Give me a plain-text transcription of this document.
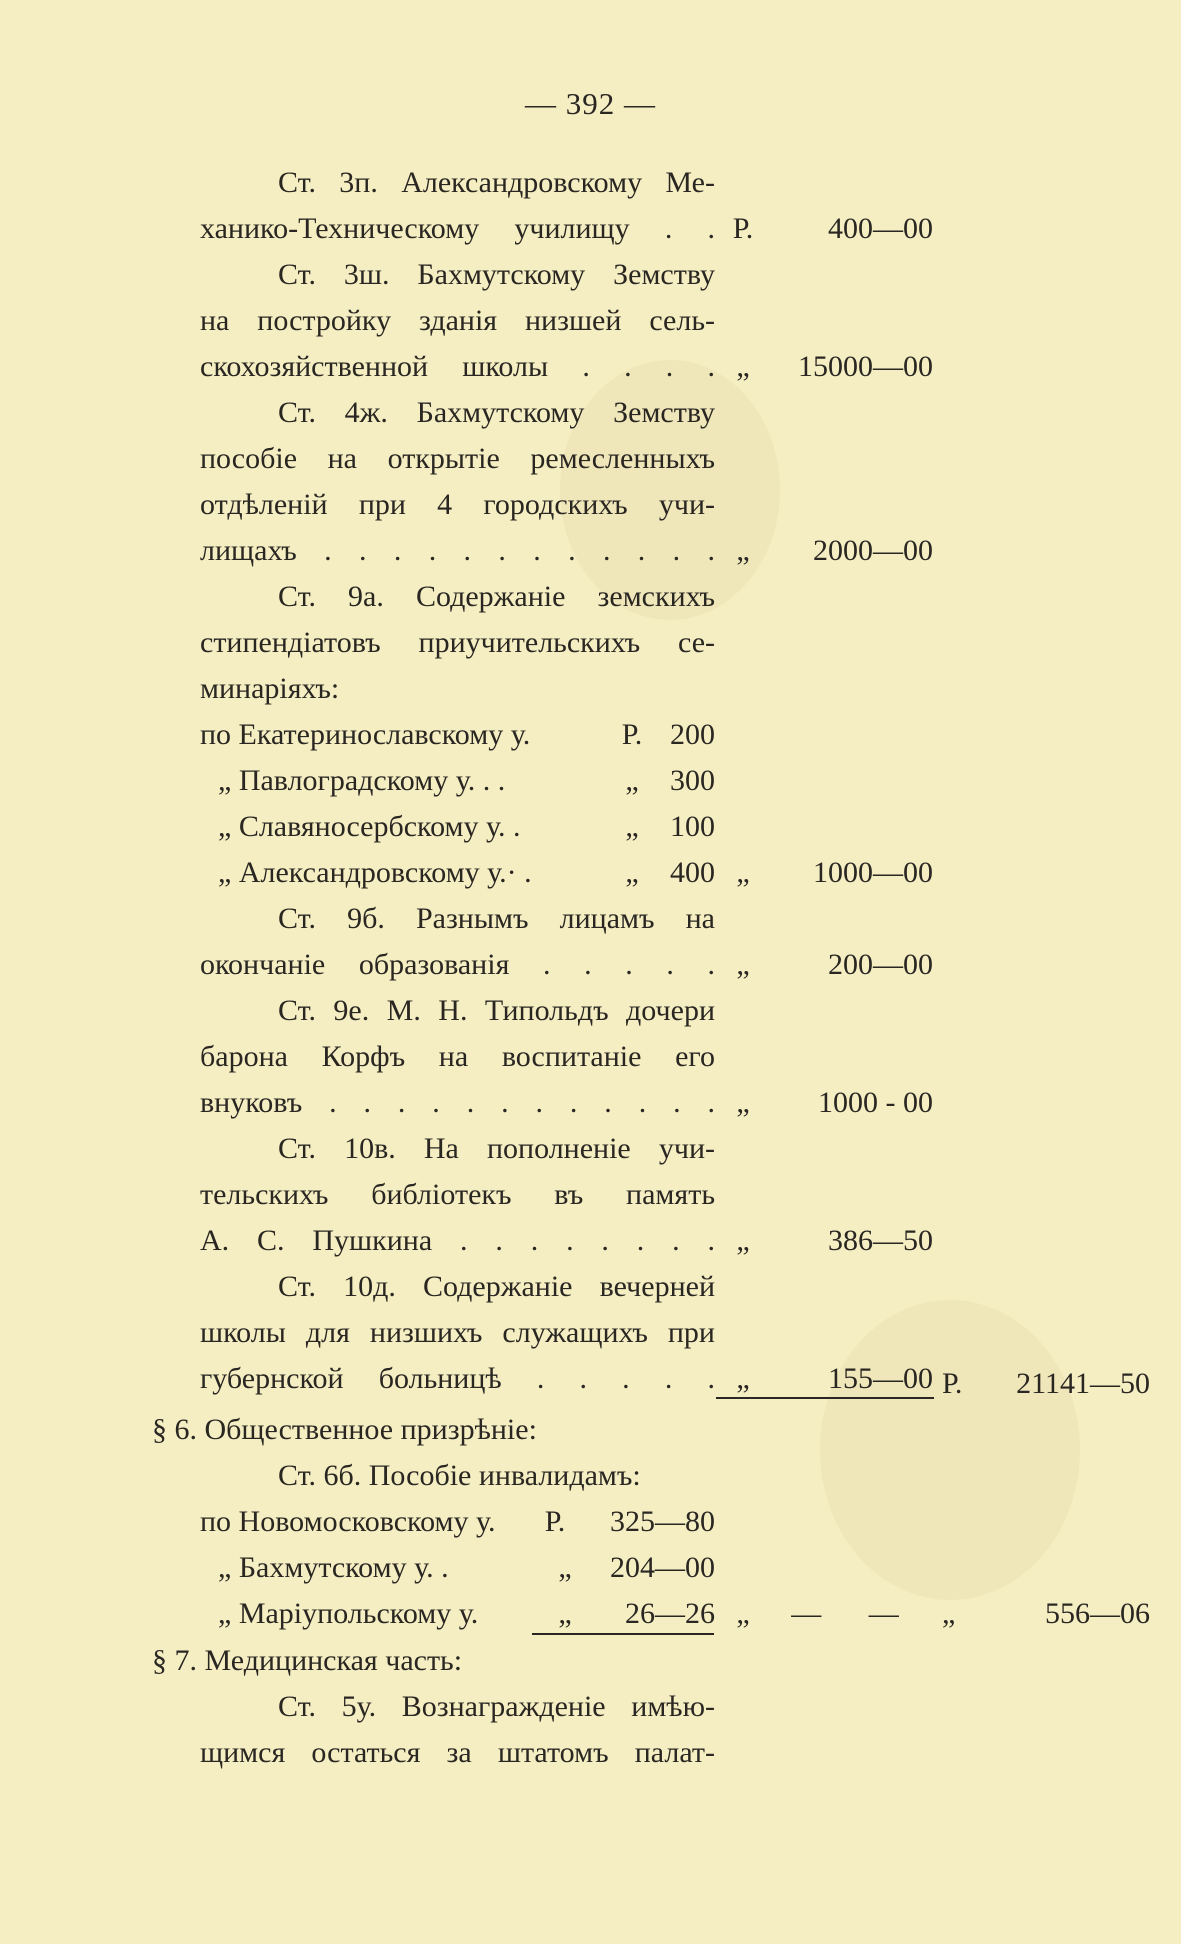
— 392 —
Ст. 3п. Александровскому Ме-
ханико-Техническому училищу . . Р.	400—00
Ст. 3ш. Бахмутскому Земству
на постройку зданія низшей сель-
скохозяйственной школы . . . . „	15000—00
Ст. 4ж. Бахмутскому Земству
пособіе на открытіе ремесленныхъ
отдѣленій при 4 городскихъ учи-
лищахъ . . . . . . . . . . . . „	2000—00
Ст. 9а. Содержаніе земскихъ
стипендіатовъ приучительскихъ се-
минаріяхъ:
по Екатеринославскому у.	Р. 200
„ Павлоградскому у. . .	„	300
„ Славяносербскому у. .	„	100
„ Александровскому у.· .	„	400 „	1000—00
Ст. 9б. Разнымъ лицамъ на
окончаніе образованія . . . . . „	200—00
Ст. 9е. М. Н. Типольдъ дочери
барона Корфъ на воспитаніе его
внуковъ . . . . . . . . . . . . „	1000 - 00
Ст. 10в. На пополненіе учи-
тельскихъ библіотекъ въ память
А. С. Пушкина . . . . . . . . „	386—50
Ст. 10д. Содержаніе вечерней
школы для низшихъ служащихъ при
губернской больницѣ . . . . . „	155—00 Р.	21141—50
§ 6. Общественное призрѣніе:
Ст. 6б. Пособіе инвалидамъ:
по Новомосковскому у.	Р.	325—80
„ Бахмутскому у. .	„	204—00
„ Маріупольскому у.	„	26—26 „ — — „	556—06
§ 7. Медицинская часть:
Ст. 5у. Вознагражденіе имѣю-
щимся остаться за штатомъ палат-
